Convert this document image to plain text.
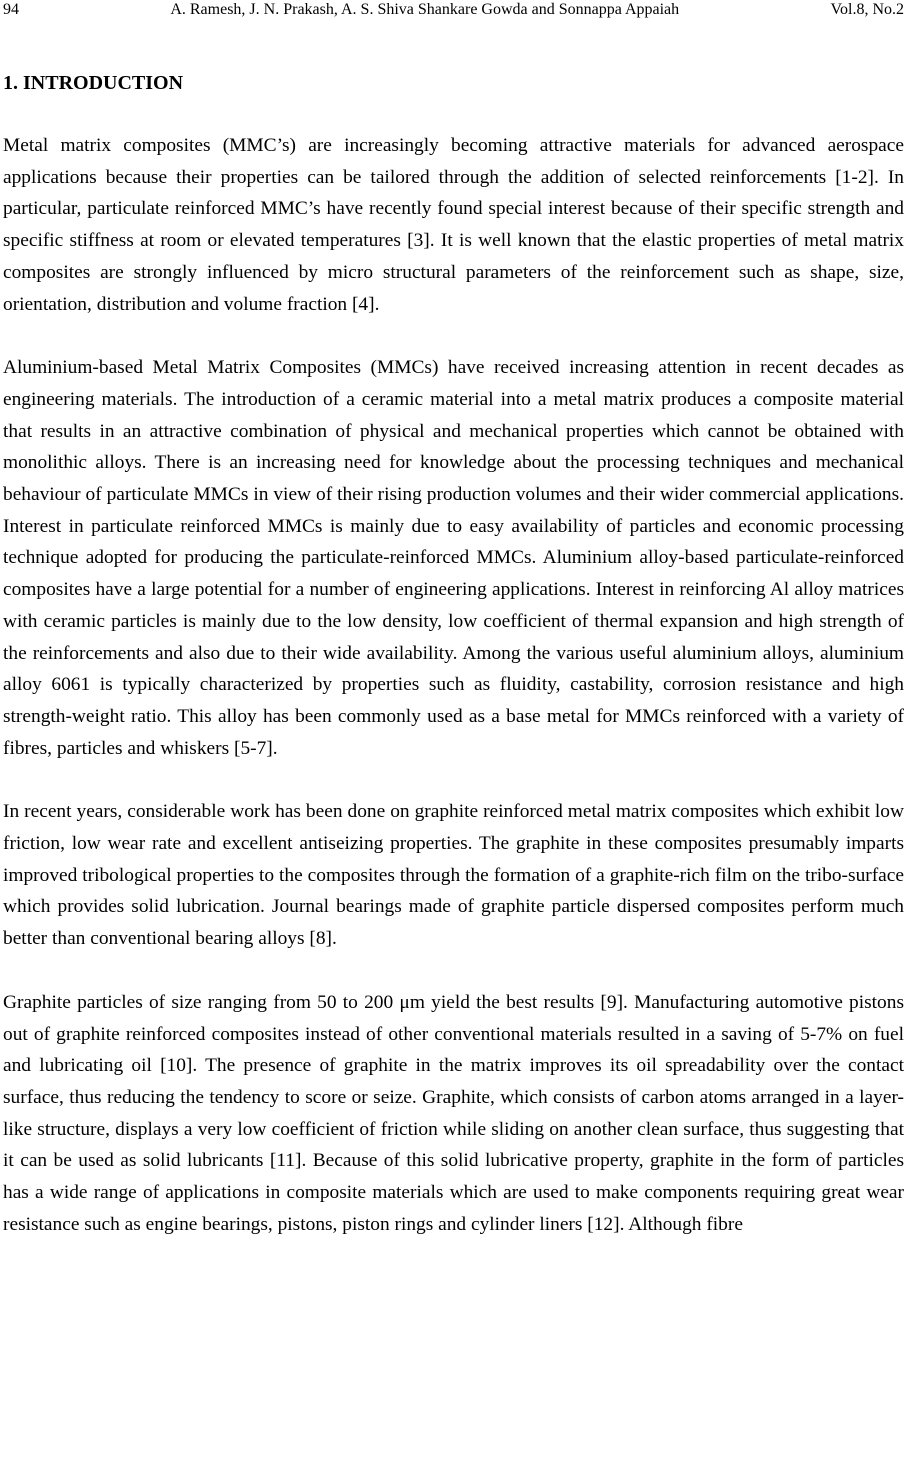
94	A. Ramesh, J. N. Prakash, A. S. Shiva Shankare Gowda and Sonnappa Appaiah	Vol.8, No.2
1. INTRODUCTION

Metal matrix composites (MMC’s) are increasingly becoming attractive materials for advanced aerospace applications because their properties can be tailored through the addition of selected reinforcements [1-2]. In particular, particulate reinforced MMC’s have recently found special interest because of their specific strength and specific stiffness at room or elevated temperatures [3]. It is well known that the elastic properties of metal matrix composites are strongly influenced by micro structural parameters of the reinforcement such as shape, size, orientation, distribution and volume fraction [4].

Aluminium-based Metal Matrix Composites (MMCs) have received increasing attention in recent decades as engineering materials. The introduction of a ceramic material into a metal matrix produces a composite material that results in an attractive combination of physical and mechanical properties which cannot be obtained with monolithic alloys. There is an increasing need for knowledge about the processing techniques and mechanical behaviour of particulate MMCs in view of their rising production volumes and their wider commercial applications. Interest in particulate reinforced MMCs is mainly due to easy availability of particles and economic processing technique adopted for producing the particulate-reinforced MMCs. Aluminium alloy-based particulate-reinforced composites have a large potential for a number of engineering applications. Interest in reinforcing Al alloy matrices with ceramic particles is mainly due to the low density, low coefficient of thermal expansion and high strength of the reinforcements and also due to their wide availability. Among the various useful aluminium alloys, aluminium alloy 6061 is typically characterized by properties such as fluidity, castability, corrosion resistance and high strength-weight ratio. This alloy has been commonly used as a base metal for MMCs reinforced with a variety of fibres, particles and whiskers [5-7].

In recent years, considerable work has been done on graphite reinforced metal matrix composites which exhibit low friction, low wear rate and excellent antiseizing properties. The graphite in these composites presumably imparts improved tribological properties to the composites through the formation of a graphite-rich film on the tribo-surface which provides solid lubrication. Journal bearings made of graphite particle dispersed composites perform much better than conventional bearing alloys [8].

Graphite particles of size ranging from 50 to 200 μm yield the best results [9]. Manufacturing automotive pistons out of graphite reinforced composites instead of other conventional materials resulted in a saving of 5-7% on fuel and lubricating oil [10]. The presence of graphite in the matrix improves its oil spreadability over the contact surface, thus reducing the tendency to score or seize. Graphite, which consists of carbon atoms arranged in a layer-like structure, displays a very low coefficient of friction while sliding on another clean surface, thus suggesting that it can be used as solid lubricants [11]. Because of this solid lubricative property, graphite in the form of particles has a wide range of applications in composite materials which are used to make components requiring great wear resistance such as engine bearings, pistons, piston rings and cylinder liners [12]. Although fibre
